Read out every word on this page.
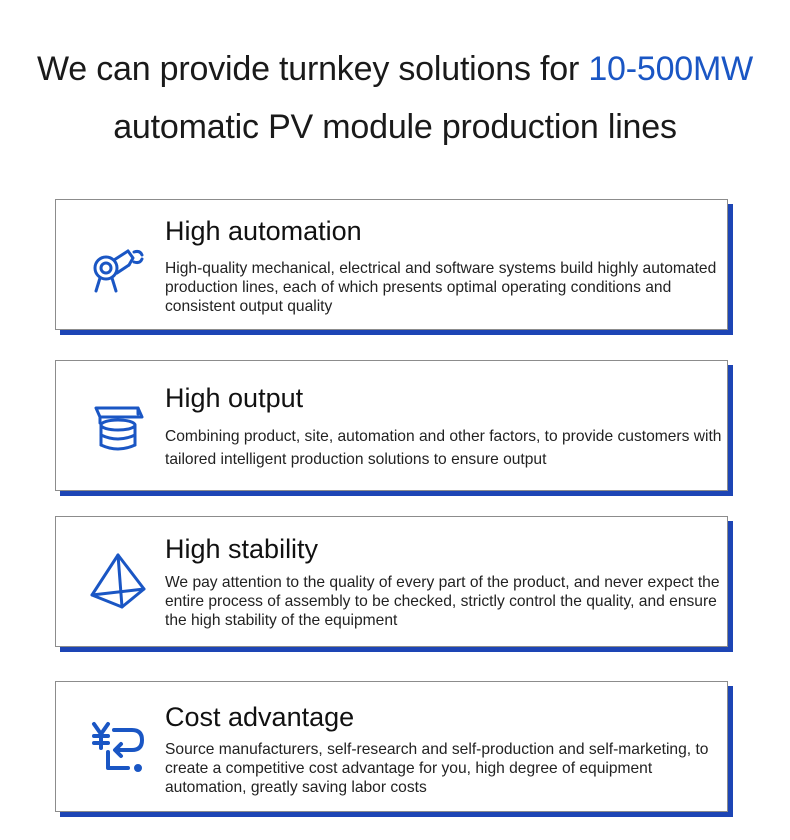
We can provide turnkey solutions for 10-500MW
automatic PV module production lines
High automation
High-quality mechanical, electrical and software systems build highly automated production lines, each of which presents optimal operating conditions and consistent output quality
High output
Combining product, site, automation and other factors, to provide customers with tailored intelligent production solutions to ensure output
High stability
We pay attention to the quality of every part of the product, and never expect the entire process of assembly to be checked, strictly control the quality, and ensure the high stability of the equipment
Cost advantage
Source manufacturers, self-research and self-production and self-marketing, to create a competitive cost advantage for you, high degree of equipment automation, greatly saving labor costs
